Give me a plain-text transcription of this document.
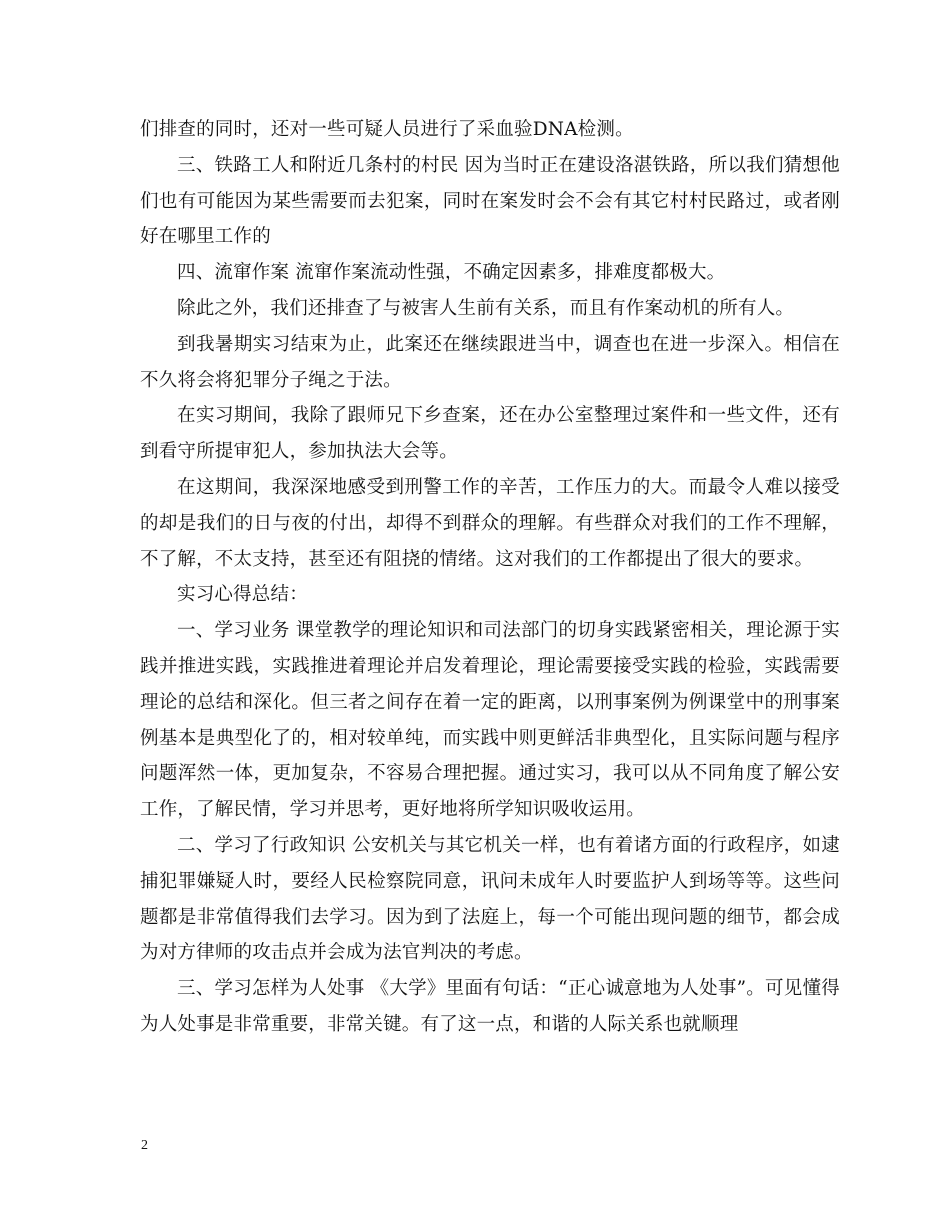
们排查的同时，还对一些可疑人员进行了采血验DNA检测。

三、铁路工人和附近几条村的村民 因为当时正在建设洛湛铁路，所以我们猜想他们也有可能因为某些需要而去犯案，同时在案发时会不会有其它村村民路过，或者刚好在哪里工作的

四、流窜作案 流窜作案流动性强，不确定因素多，排难度都极大。

除此之外，我们还排查了与被害人生前有关系，而且有作案动机的所有人。

到我暑期实习结束为止，此案还在继续跟进当中，调查也在进一步深入。相信在不久将会将犯罪分子绳之于法。

在实习期间，我除了跟师兄下乡查案，还在办公室整理过案件和一些文件，还有到看守所提审犯人，参加执法大会等。

在这期间，我深深地感受到刑警工作的辛苦，工作压力的大。而最令人难以接受的却是我们的日与夜的付出，却得不到群众的理解。有些群众对我们的工作不理解，不了解，不太支持，甚至还有阻挠的情绪。这对我们的工作都提出了很大的要求。

实习心得总结：

一、学习业务 课堂教学的理论知识和司法部门的切身实践紧密相关，理论源于实践并推进实践，实践推进着理论并启发着理论，理论需要接受实践的检验，实践需要理论的总结和深化。但三者之间存在着一定的距离，以刑事案例为例课堂中的刑事案例基本是典型化了的，相对较单纯，而实践中则更鲜活非典型化，且实际问题与程序问题浑然一体，更加复杂，不容易合理把握。通过实习，我可以从不同角度了解公安工作，了解民情，学习并思考，更好地将所学知识吸收运用。

二、学习了行政知识 公安机关与其它机关一样，也有着诸方面的行政程序，如逮捕犯罪嫌疑人时，要经人民检察院同意，讯问未成年人时要监护人到场等等。这些问题都是非常值得我们去学习。因为到了法庭上，每一个可能出现问题的细节，都会成为对方律师的攻击点并会成为法官判决的考虑。

三、学习怎样为人处事 《大学》里面有句话：“正心诚意地为人处事”。可见懂得为人处事是非常重要，非常关键。有了这一点，和谐的人际关系也就顺理

2
